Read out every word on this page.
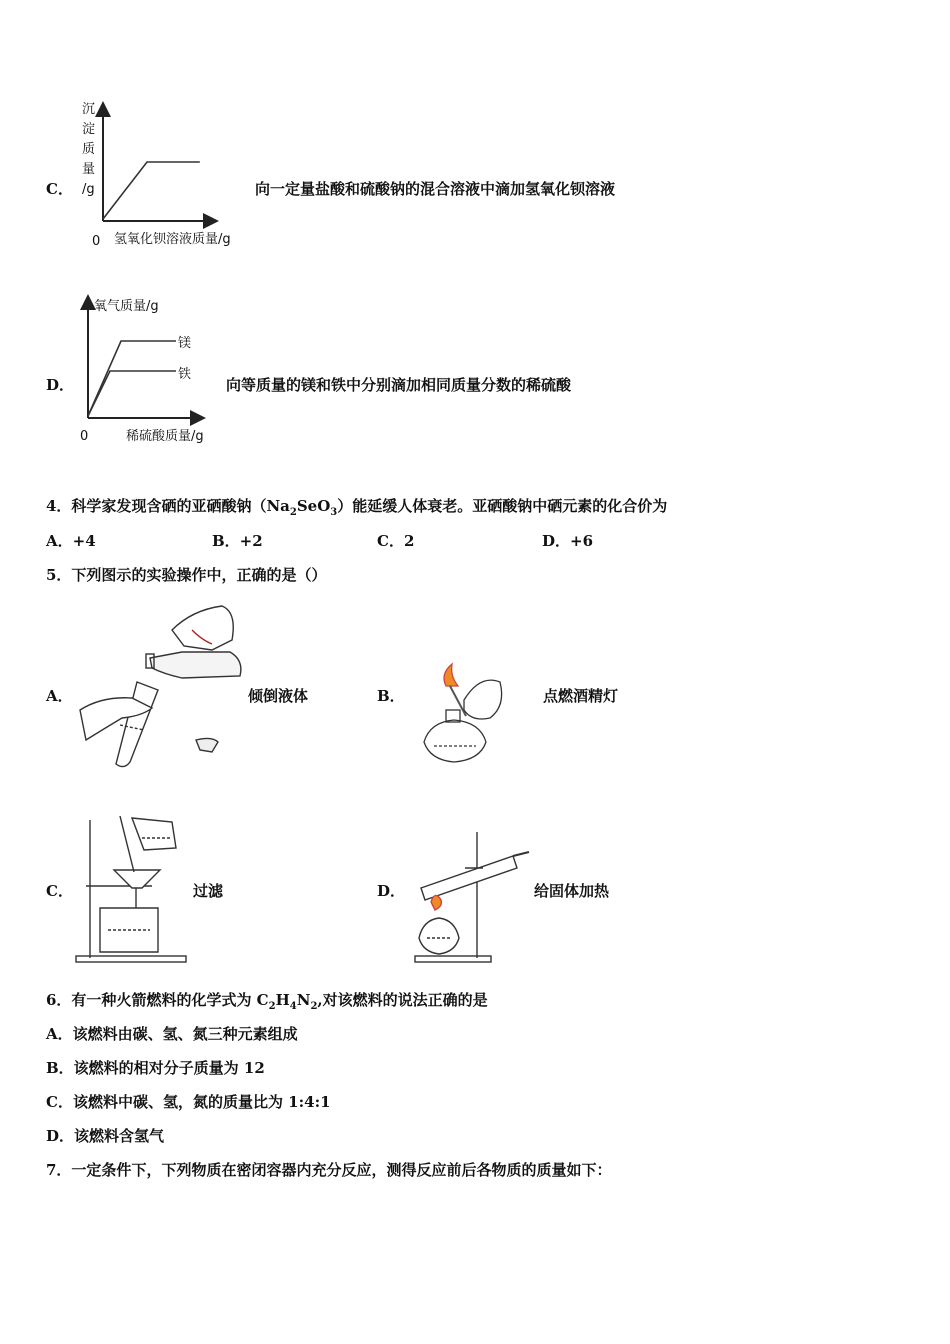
C．
沉
淀
质
量
/g
0 氢氧化钡溶液质量/g
向一定量盐酸和硫酸钠的混合溶液中滴加氢氧化钡溶液
D．
氧气质量/g
镁
铁
0	稀硫酸质量/g
向等质量的镁和铁中分别滴加相同质量分数的稀硫酸
4．科学家发现含硒的亚硒酸钠$(Na_2SeO_3)$能延缓人体衰老。亚硒酸钠中硒元素的化合价为
A．+4	B．+2	C．2	D．+6
5．下列图示的实验操作中，正确的是（）
A．	倾倒液体	B．	点燃酒精灯
C．	过滤	D．	给固体加热
6．有一种火箭燃料的化学式为 $C_2H_4N_2$,对该燃料的说法正确的是
A．该燃料由碳、氢、氮三种元素组成
B．该燃料的相对分子质量为 12
C．该燃料中碳、氢，氮的质量比为 1:4:1
D．该燃料含氢气
7．一定条件下，下列物质在密闭容器内充分反应，测得反应前后各物质的质量如下：
